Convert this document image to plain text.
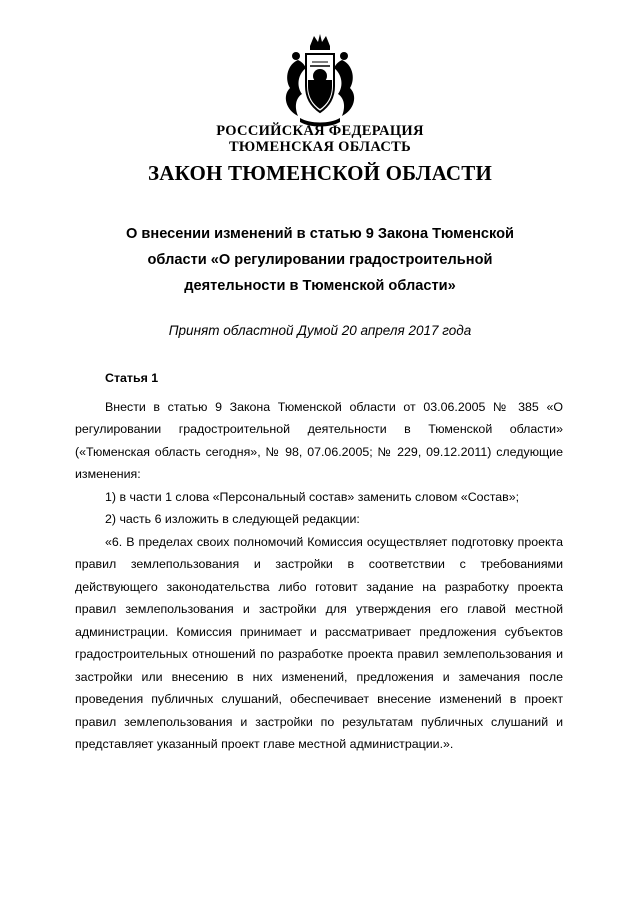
РОССИЙСКАЯ ФЕДЕРАЦИЯ
ТЮМЕНСКАЯ ОБЛАСТЬ
ЗАКОН ТЮМЕНСКОЙ ОБЛАСТИ
О внесении изменений в статью 9 Закона Тюменской области «О регулировании градостроительной деятельности в Тюменской области»
Принят областной Думой 20 апреля 2017 года

Статья 1

Внести в статью 9 Закона Тюменской области от 03.06.2005 № 385 «О регулировании градостроительной деятельности в Тюменской области» («Тюменская область сегодня», № 98, 07.06.2005; № 229, 09.12.2011) следующие изменения:

1) в части 1 слова «Персональный состав» заменить словом «Состав»;

2) часть 6 изложить в следующей редакции:

«6. В пределах своих полномочий Комиссия осуществляет подготовку проекта правил землепользования и застройки в соответствии с требованиями действующего законодательства либо готовит задание на разработку проекта правил землепользования и застройки для утверждения его главой местной администрации. Комиссия принимает и рассматривает предложения субъектов градостроительных отношений по разработке проекта правил землепользования и застройки или внесению в них изменений, предложения и замечания после проведения публичных слушаний, обеспечивает внесение изменений в проект правил землепользования и застройки по результатам публичных слушаний и представляет указанный проект главе местной администрации.».
